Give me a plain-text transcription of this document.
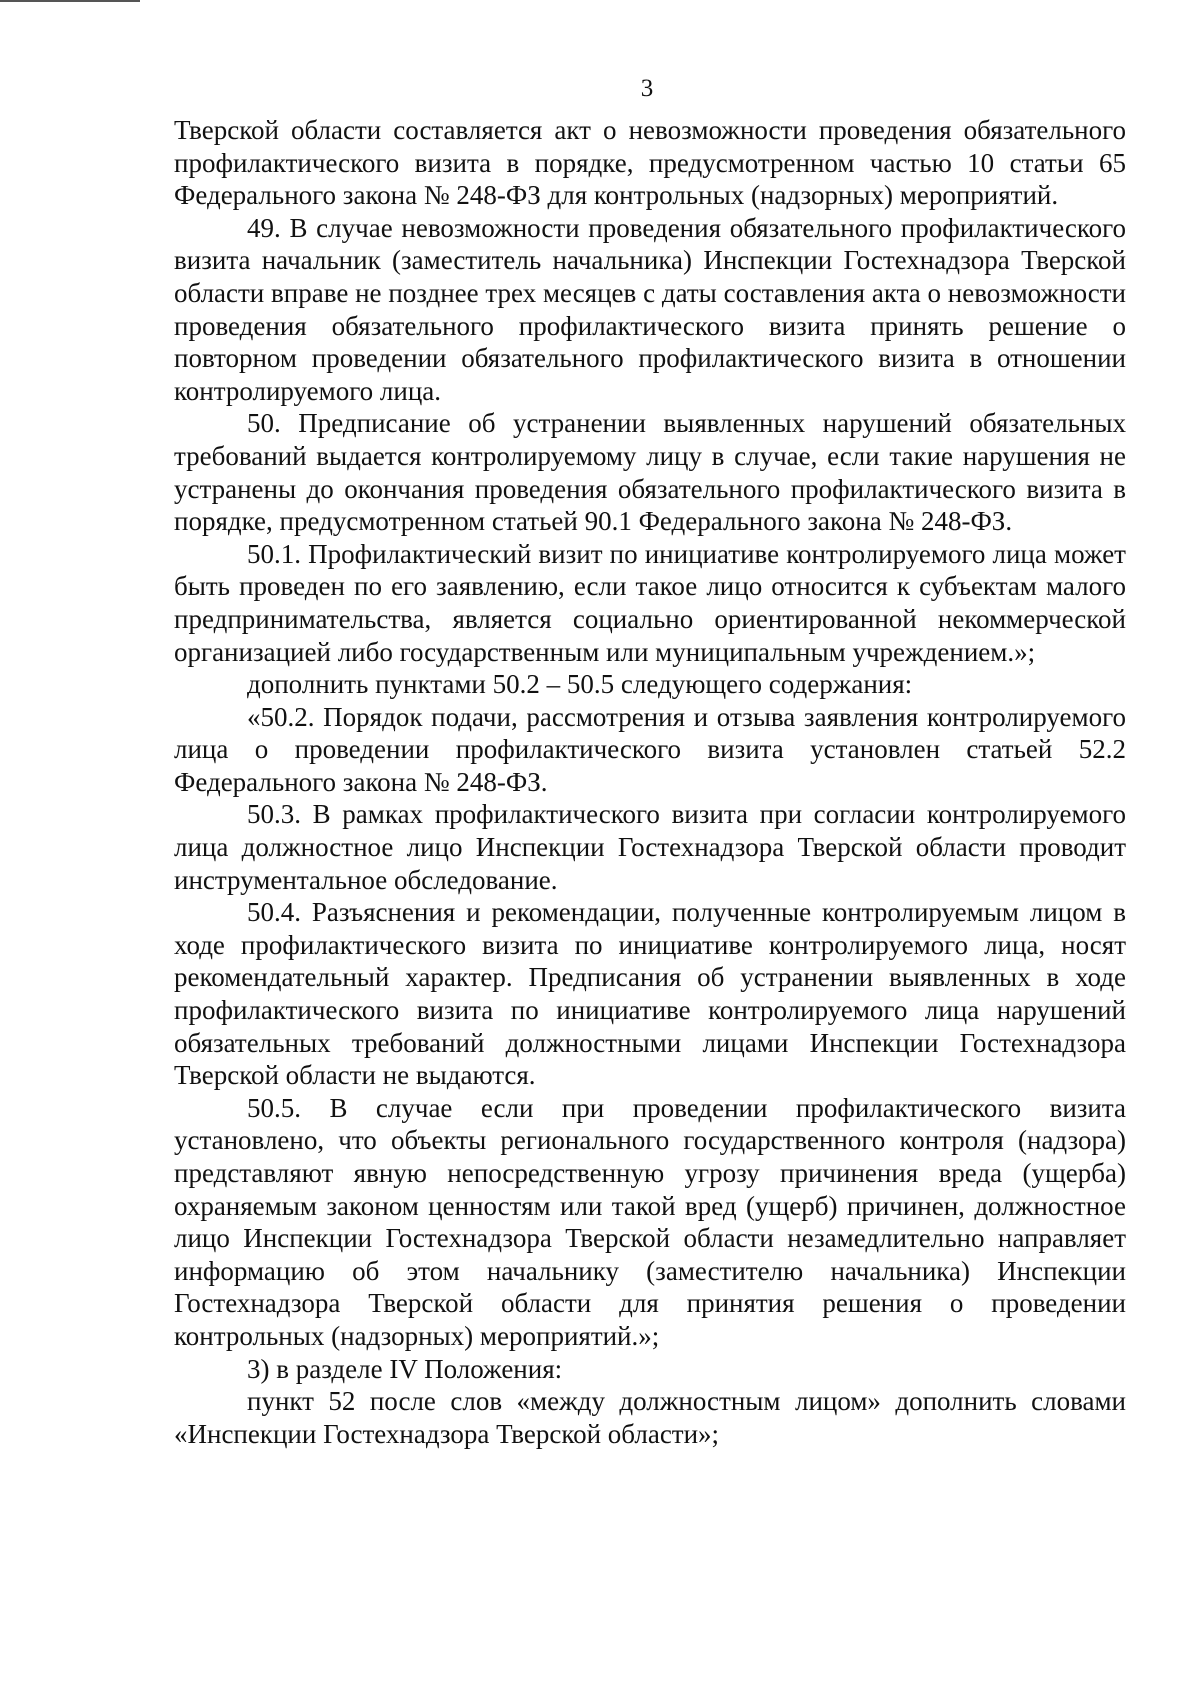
3

Тверской области составляется акт о невозможности проведения обязательного профилактического визита в порядке, предусмотренном частью 10 статьи 65 Федерального закона № 248-ФЗ для контрольных (надзорных) мероприятий.

49. В случае невозможности проведения обязательного профилактического визита начальник (заместитель начальника) Инспекции Гостехнадзора Тверской области вправе не позднее трех месяцев с даты составления акта о невозможности проведения обязательного профилактического визита принять решение о повторном проведении обязательного профилактического визита в отношении контролируемого лица.

50. Предписание об устранении выявленных нарушений обязательных требований выдается контролируемому лицу в случае, если такие нарушения не устранены до окончания проведения обязательного профилактического визита в порядке, предусмотренном статьей 90.1 Федерального закона № 248-ФЗ.

50.1. Профилактический визит по инициативе контролируемого лица может быть проведен по его заявлению, если такое лицо относится к субъектам малого предпринимательства, является социально ориентированной некоммерческой организацией либо государственным или муниципальным учреждением.»;

дополнить пунктами 50.2 – 50.5 следующего содержания:

«50.2. Порядок подачи, рассмотрения и отзыва заявления контролируемого лица о проведении профилактического визита установлен статьей 52.2 Федерального закона № 248-ФЗ.

50.3. В рамках профилактического визита при согласии контролируемого лица должностное лицо Инспекции Гостехнадзора Тверской области проводит инструментальное обследование.

50.4. Разъяснения и рекомендации, полученные контролируемым лицом в ходе профилактического визита по инициативе контролируемого лица, носят рекомендательный характер. Предписания об устранении выявленных в ходе профилактического визита по инициативе контролируемого лица нарушений обязательных требований должностными лицами Инспекции Гостехнадзора Тверской области не выдаются.

50.5. В случае если при проведении профилактического визита установлено, что объекты регионального государственного контроля (надзора) представляют явную непосредственную угрозу причинения вреда (ущерба) охраняемым законом ценностям или такой вред (ущерб) причинен, должностное лицо Инспекции Гостехнадзора Тверской области незамедлительно направляет информацию об этом начальнику (заместителю начальника) Инспекции Гостехнадзора Тверской области для принятия решения о проведении контрольных (надзорных) мероприятий.»;

3) в разделе IV Положения:

пункт 52 после слов «между должностным лицом» дополнить словами «Инспекции Гостехнадзора Тверской области»;
